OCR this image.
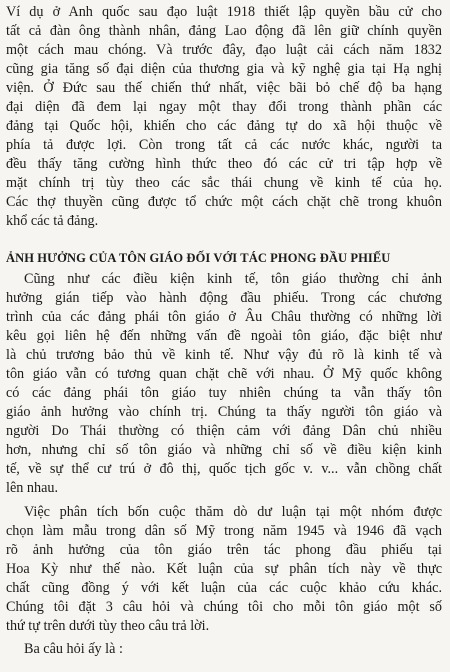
Ví dụ ở Anh quốc sau đạo luật 1918 thiết lập quyền bầu cử cho
tất cả đàn ông thành nhân, đảng Lao động đã lên giữ chính quyền
một cách mau chóng. Và trước đây, đạo luật cải cách năm 1832
cũng gia tăng số đại diện của thương gia và kỹ nghệ gia tại Hạ nghị
viện. Ở Đức sau thế chiến thứ nhất, việc bãi bỏ chế độ ba hạng
đại diện đã đem lại ngay một thay đổi trong thành phần các
đảng tại Quốc hội, khiến cho các đảng tự do xã hội thuộc về
phía tả được lợi. Còn trong tất cả các nước khác, người ta
đều thấy tăng cường hình thức theo đó các cử tri tập hợp về
mặt chính trị tùy theo các sắc thái chung về kinh tế của họ.
Các thợ thuyền cũng được tổ chức một cách chặt chẽ trong khuôn
khổ các tả đảng.
ẢNH HƯỞNG CỦA TÔN GIÁO ĐỐI VỚI TÁC PHONG ĐẦU PHIẾU
Cũng như các điều kiện kinh tế, tôn giáo thường chỉ ảnh
hưởng gián tiếp vào hành động đầu phiếu. Trong các chương
trình của các đảng phái tôn giáo ở Âu Châu thường có những lời
kêu gọi liên hệ đến những vấn đề ngoài tôn giáo, đặc biệt như
là chủ trương bảo thủ về kinh tế. Như vậy đủ rõ là kinh tế và
tôn giáo vẫn có tương quan chặt chẽ với nhau. Ở Mỹ quốc không
có các đảng phái tôn giáo tuy nhiên chúng ta vẫn thấy tôn
giáo ảnh hưởng vào chính trị. Chúng ta thấy người tôn giáo và
người Do Thái thường có thiện cảm với đảng Dân chủ nhiều
hơn, nhưng chỉ số tôn giáo và những chỉ số về điều kiện kinh
tế, về sự thể cư trú ở đô thị, quốc tịch gốc v. v... vẫn chồng chất
lên nhau.
Việc phân tích bốn cuộc thăm dò dư luận tại một nhóm được
chọn làm mẫu trong dân số Mỹ trong năm 1945 và 1946 đã vạch
rõ ảnh hưởng của tôn giáo trên tác phong đầu phiếu tại
Hoa Kỳ như thế nào. Kết luận của sự phân tích này về thực
chất cũng đồng ý với kết luận của các cuộc khảo cứu khác.
Chúng tôi đặt 3 câu hỏi và chúng tôi cho mỗi tôn giáo một số
thứ tự trên dưới tùy theo câu trả lời.
Ba câu hỏi ấy là :
